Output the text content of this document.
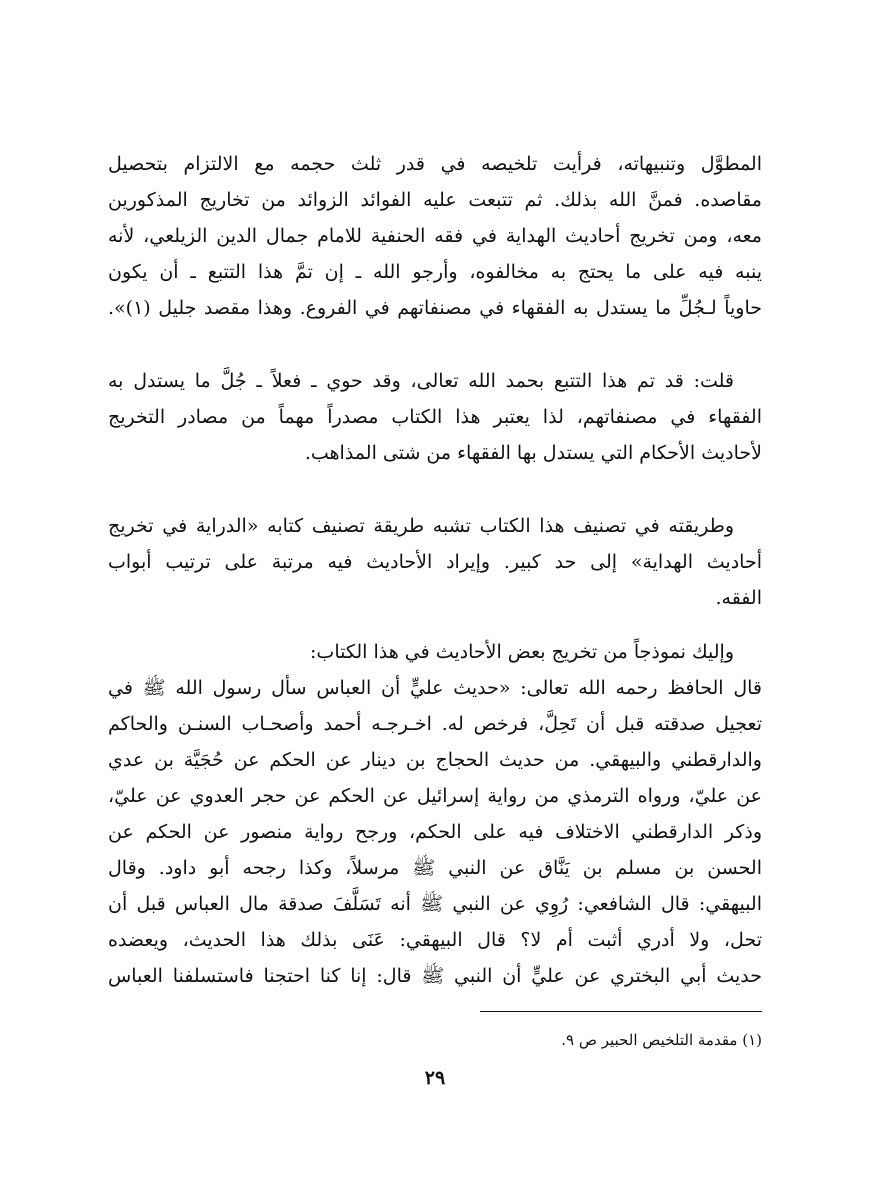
المطوَّل وتنبيهاته، فرأيت تلخيصه في قدر ثلث حجمه مع الالتزام بتحصيل
مقاصده. فمنَّ الله بذلك. ثم تتبعت عليه الفوائد الزوائد من تخاريج المذكورين
معه، ومن تخريج أحاديث الهداية في فقه الحنفية للامام جمال الدين الزيلعي، لأنه
ينبه فيه على ما يحتج به مخالفوه، وأرجو الله ـ إن تمَّ هذا التتبع ـ أن يكون
حاوياً لـجُلِّ ما يستدل به الفقهاء في مصنفاتهم في الفروع. وهذا مقصد جليل (١)».
قلت: قد تم هذا التتبع بحمد الله تعالى، وقد حوي ـ فعلاً ـ جُلَّ ما يستدل به
الفقهاء في مصنفاتهم، لذا يعتبر هذا الكتاب مصدراً مهماً من مصادر التخريج
لأحاديث الأحكام التي يستدل بها الفقهاء من شتى المذاهب.
وطريقته في تصنيف هذا الكتاب تشبه طريقة تصنيف كتابه «الدراية في تخريج
أحاديث الهداية» إلى حد كبير. وإيراد الأحاديث فيه مرتبة على ترتيب أبواب
الفقه.
وإليك نموذجاً من تخريج بعض الأحاديث في هذا الكتاب:
قال الحافظ رحمه الله تعالى: «حديث عليٍّ أن العباس سأل رسول الله ﷺ في
تعجيل صدقته قبل أن تَحِلَّ، فرخص له. اخـرجـه أحمد وأصحـاب السنـن والحاكم
والدارقطني والبيهقي. من حديث الحجاج بن دينار عن الحكم عن حُجَيَّة بن عدي
عن عليّ، ورواه الترمذي من رواية إسرائيل عن الحكم عن حجر العدوي عن عليّ،
وذكر الدارقطني الاختلاف فيه على الحكم، ورجح رواية منصور عن الحكم عن
الحسن بن مسلم بن يَنَّاق عن النبي ﷺ مرسلاً، وكذا رجحه أبو داود. وقال
البيهقي: قال الشافعي: رُوِي عن النبي ﷺ أنه تَسَلَّفَ صدقة مال العباس قبل أن
تحل، ولا أدري أثبت أم لا؟ قال البيهقي: عَنَى بذلك هذا الحديث، ويعضده
حديث أبي البختري عن عليٍّ أن النبي ﷺ قال: إنا كنا احتجنا فاستسلفنا العباس
(١) مقدمة التلخيص الحبير ص ٩.
٢٩
